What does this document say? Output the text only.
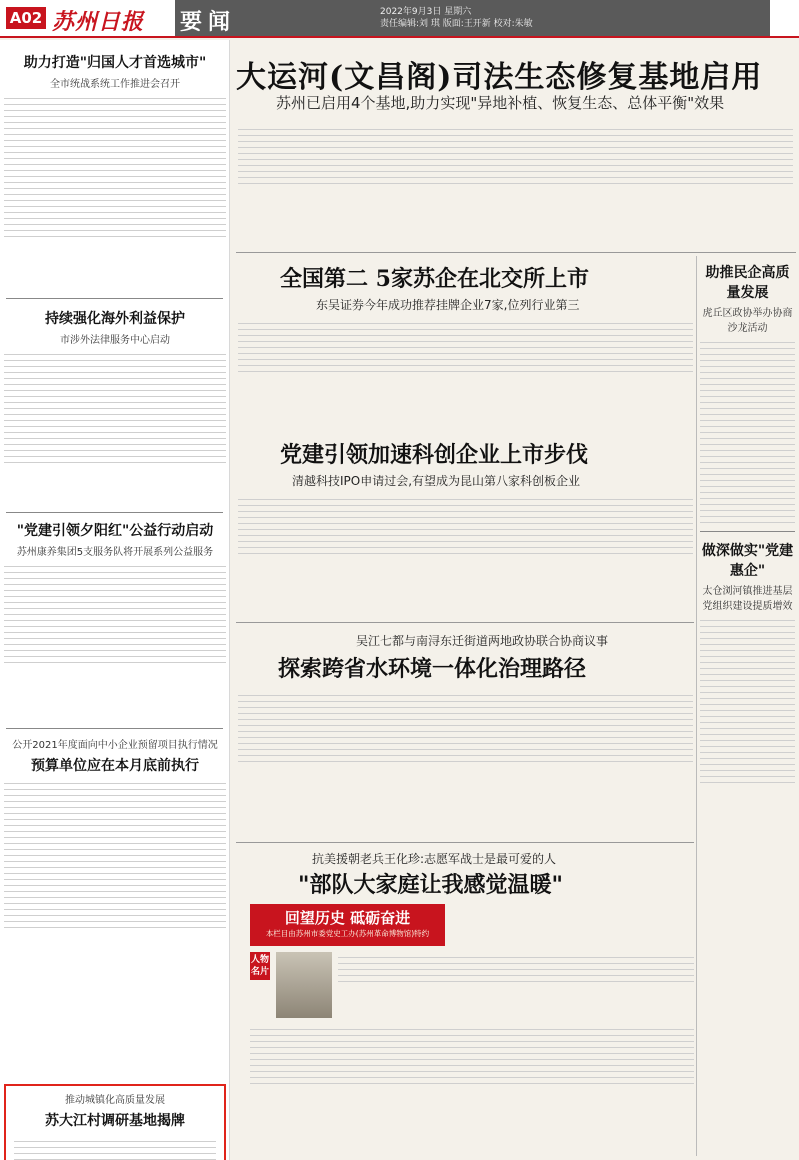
A02 苏州日报 要闻	2022年9月3日 星期六
责任编辑:刘 琪 版面:王开新 校对:朱敏
助力打造"归国人才首选城市"
全市统战系统工作推进会召开
持续强化海外利益保护
市涉外法律服务中心启动
"党建引领夕阳红"公益行动启动
苏州康养集团5支服务队将开展系列公益服务
公开2021年度面向中小企业预留项目执行情况
预算单位应在本月底前执行
推动城镇化高质量发展
苏大江村调研基地揭牌
大运河(文昌阁)司法生态修复基地启用
苏州已启用4个基地,助力实现"异地补植、恢复生态、总体平衡"效果
全国第二 5家苏企在北交所上市
东吴证券今年成功推荐挂牌企业7家,位列行业第三
党建引领加速科创企业上市步伐
清越科技IPO申请过会,有望成为昆山第八家科创板企业
吴江七都与南浔东迁街道两地政协联合协商议事
探索跨省水环境一体化治理路径
抗美援朝老兵王化珍:志愿军战士是最可爱的人
"部队大家庭让我感觉温暖"
回望历史 砥砺奋进
本栏目由苏州市委党史工办(苏州革命博物馆)特约
人物名片
助推民企高质量发展
虎丘区政协举办协商沙龙活动
做深做实"党建惠企"
太仓浏河镇推进基层党组织建设提质增效
